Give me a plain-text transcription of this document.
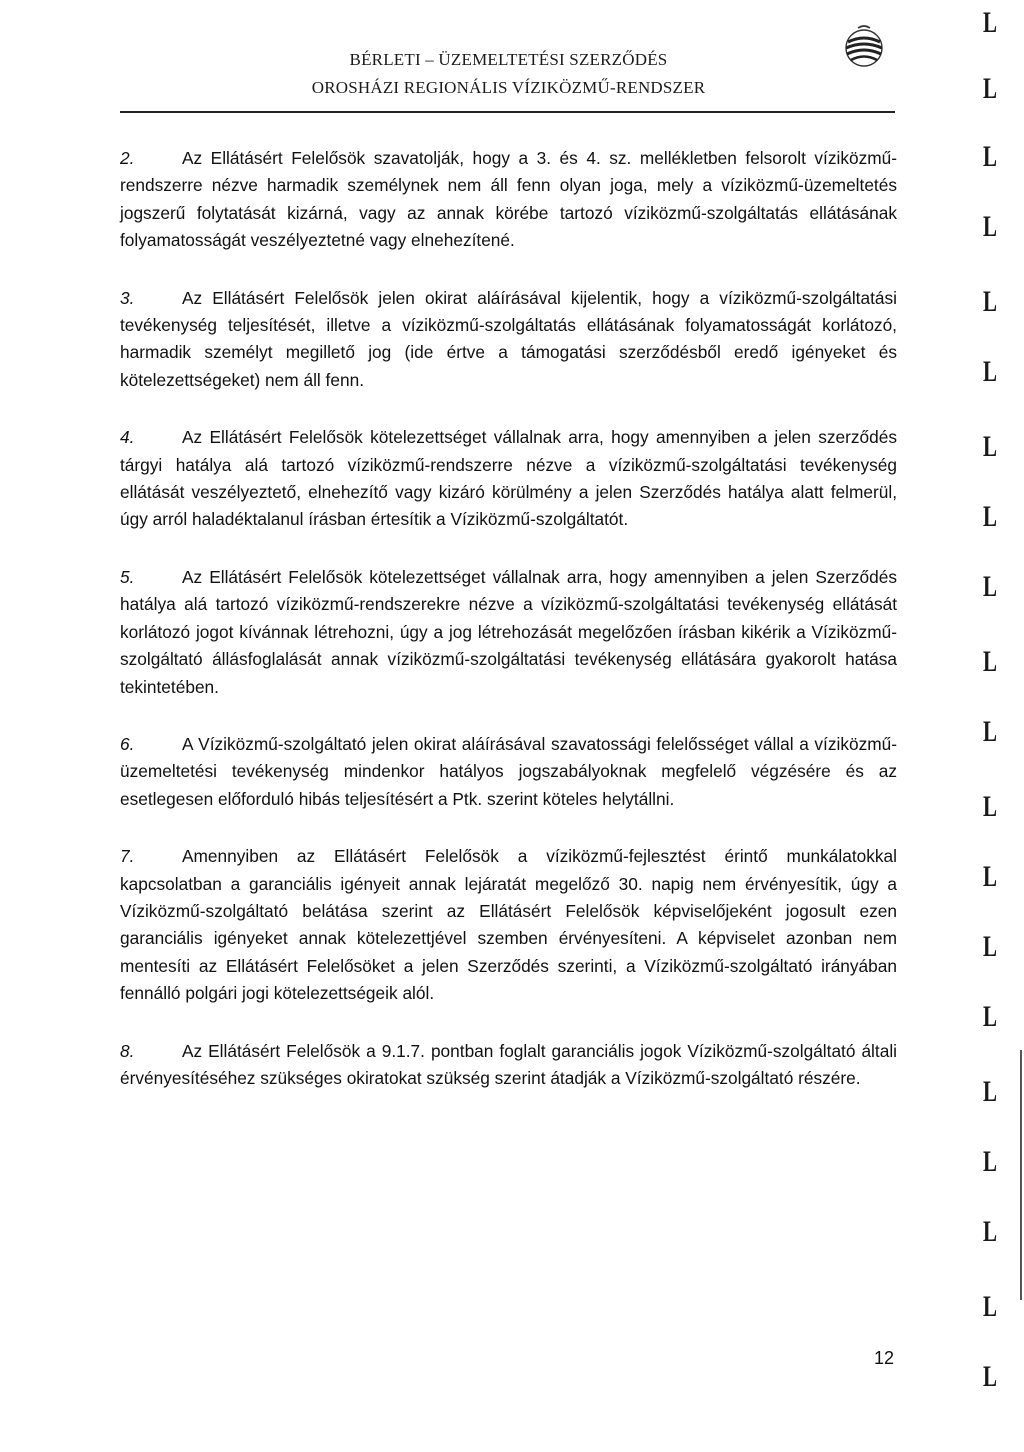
BÉRLETI – ÜZEMELTETÉSI SZERZŐDÉS
OROSHÁZI REGIONÁLIS VÍZIKÖZMŰ-RENDSZER

2.	Az Ellátásért Felelősök szavatolják, hogy a 3. és 4. sz. mellékletben felsorolt víziközmű-rendszerre nézve harmadik személynek nem áll fenn olyan joga, mely a víziközmű-üzemeltetés jogszerű folytatását kizárná, vagy az annak körébe tartozó víziközmű-szolgáltatás ellátásának folyamatosságát veszélyeztetné vagy elnehezítené.

3.	Az Ellátásért Felelősök jelen okirat aláírásával kijelentik, hogy a víziközmű-szolgáltatási tevékenység teljesítését, illetve a víziközmű-szolgáltatás ellátásának folyamatosságát korlátozó, harmadik személyt megillető jog (ide értve a támogatási szerződésből eredő igényeket és kötelezettségeket) nem áll fenn.

4.	Az Ellátásért Felelősök kötelezettséget vállalnak arra, hogy amennyiben a jelen szerződés tárgyi hatálya alá tartozó víziközmű-rendszerre nézve a víziközmű-szolgáltatási tevékenység ellátását veszélyeztető, elnehezítő vagy kizáró körülmény a jelen Szerződés hatálya alatt felmerül, úgy arról haladéktalanul írásban értesítik a Víziközmű-szolgáltatót.

5.	Az Ellátásért Felelősök kötelezettséget vállalnak arra, hogy amennyiben a jelen Szerződés hatálya alá tartozó víziközmű-rendszerekre nézve a víziközmű-szolgáltatási tevékenység ellátását korlátozó jogot kívánnak létrehozni, úgy a jog létrehozását megelőzően írásban kikérik a Víziközmű-szolgáltató állásfoglalását annak víziközmű-szolgáltatási tevékenység ellátására gyakorolt hatása tekintetében.

6.	A Víziközmű-szolgáltató jelen okirat aláírásával szavatossági felelősséget vállal a víziközmű-üzemeltetési tevékenység mindenkor hatályos jogszabályoknak megfelelő végzésére és az esetlegesen előforduló hibás teljesítésért a Ptk. szerint köteles helytállni.

7.	Amennyiben az Ellátásért Felelősök a víziközmű-fejlesztést érintő munkálatokkal kapcsolatban a garanciális igényeit annak lejáratát megelőző 30. napig nem érvényesítik, úgy a Víziközmű-szolgáltató belátása szerint az Ellátásért Felelősök képviselőjeként jogosult ezen garanciális igényeket annak kötelezettjével szemben érvényesíteni. A képviselet azonban nem mentesíti az Ellátásért Felelősöket a jelen Szerződés szerinti, a Víziközmű-szolgáltató irányában fennálló polgári jogi kötelezettségeik alól.

8.	Az Ellátásért Felelősök a 9.1.7. pontban foglalt garanciális jogok Víziközmű-szolgáltató általi érvényesítéséhez szükséges okiratokat szükség szerint átadják a Víziközmű-szolgáltató részére.

12
L
L
L
L
L
L
L
L
L
L
L
L
L
L
L
L
L
L
L
L
